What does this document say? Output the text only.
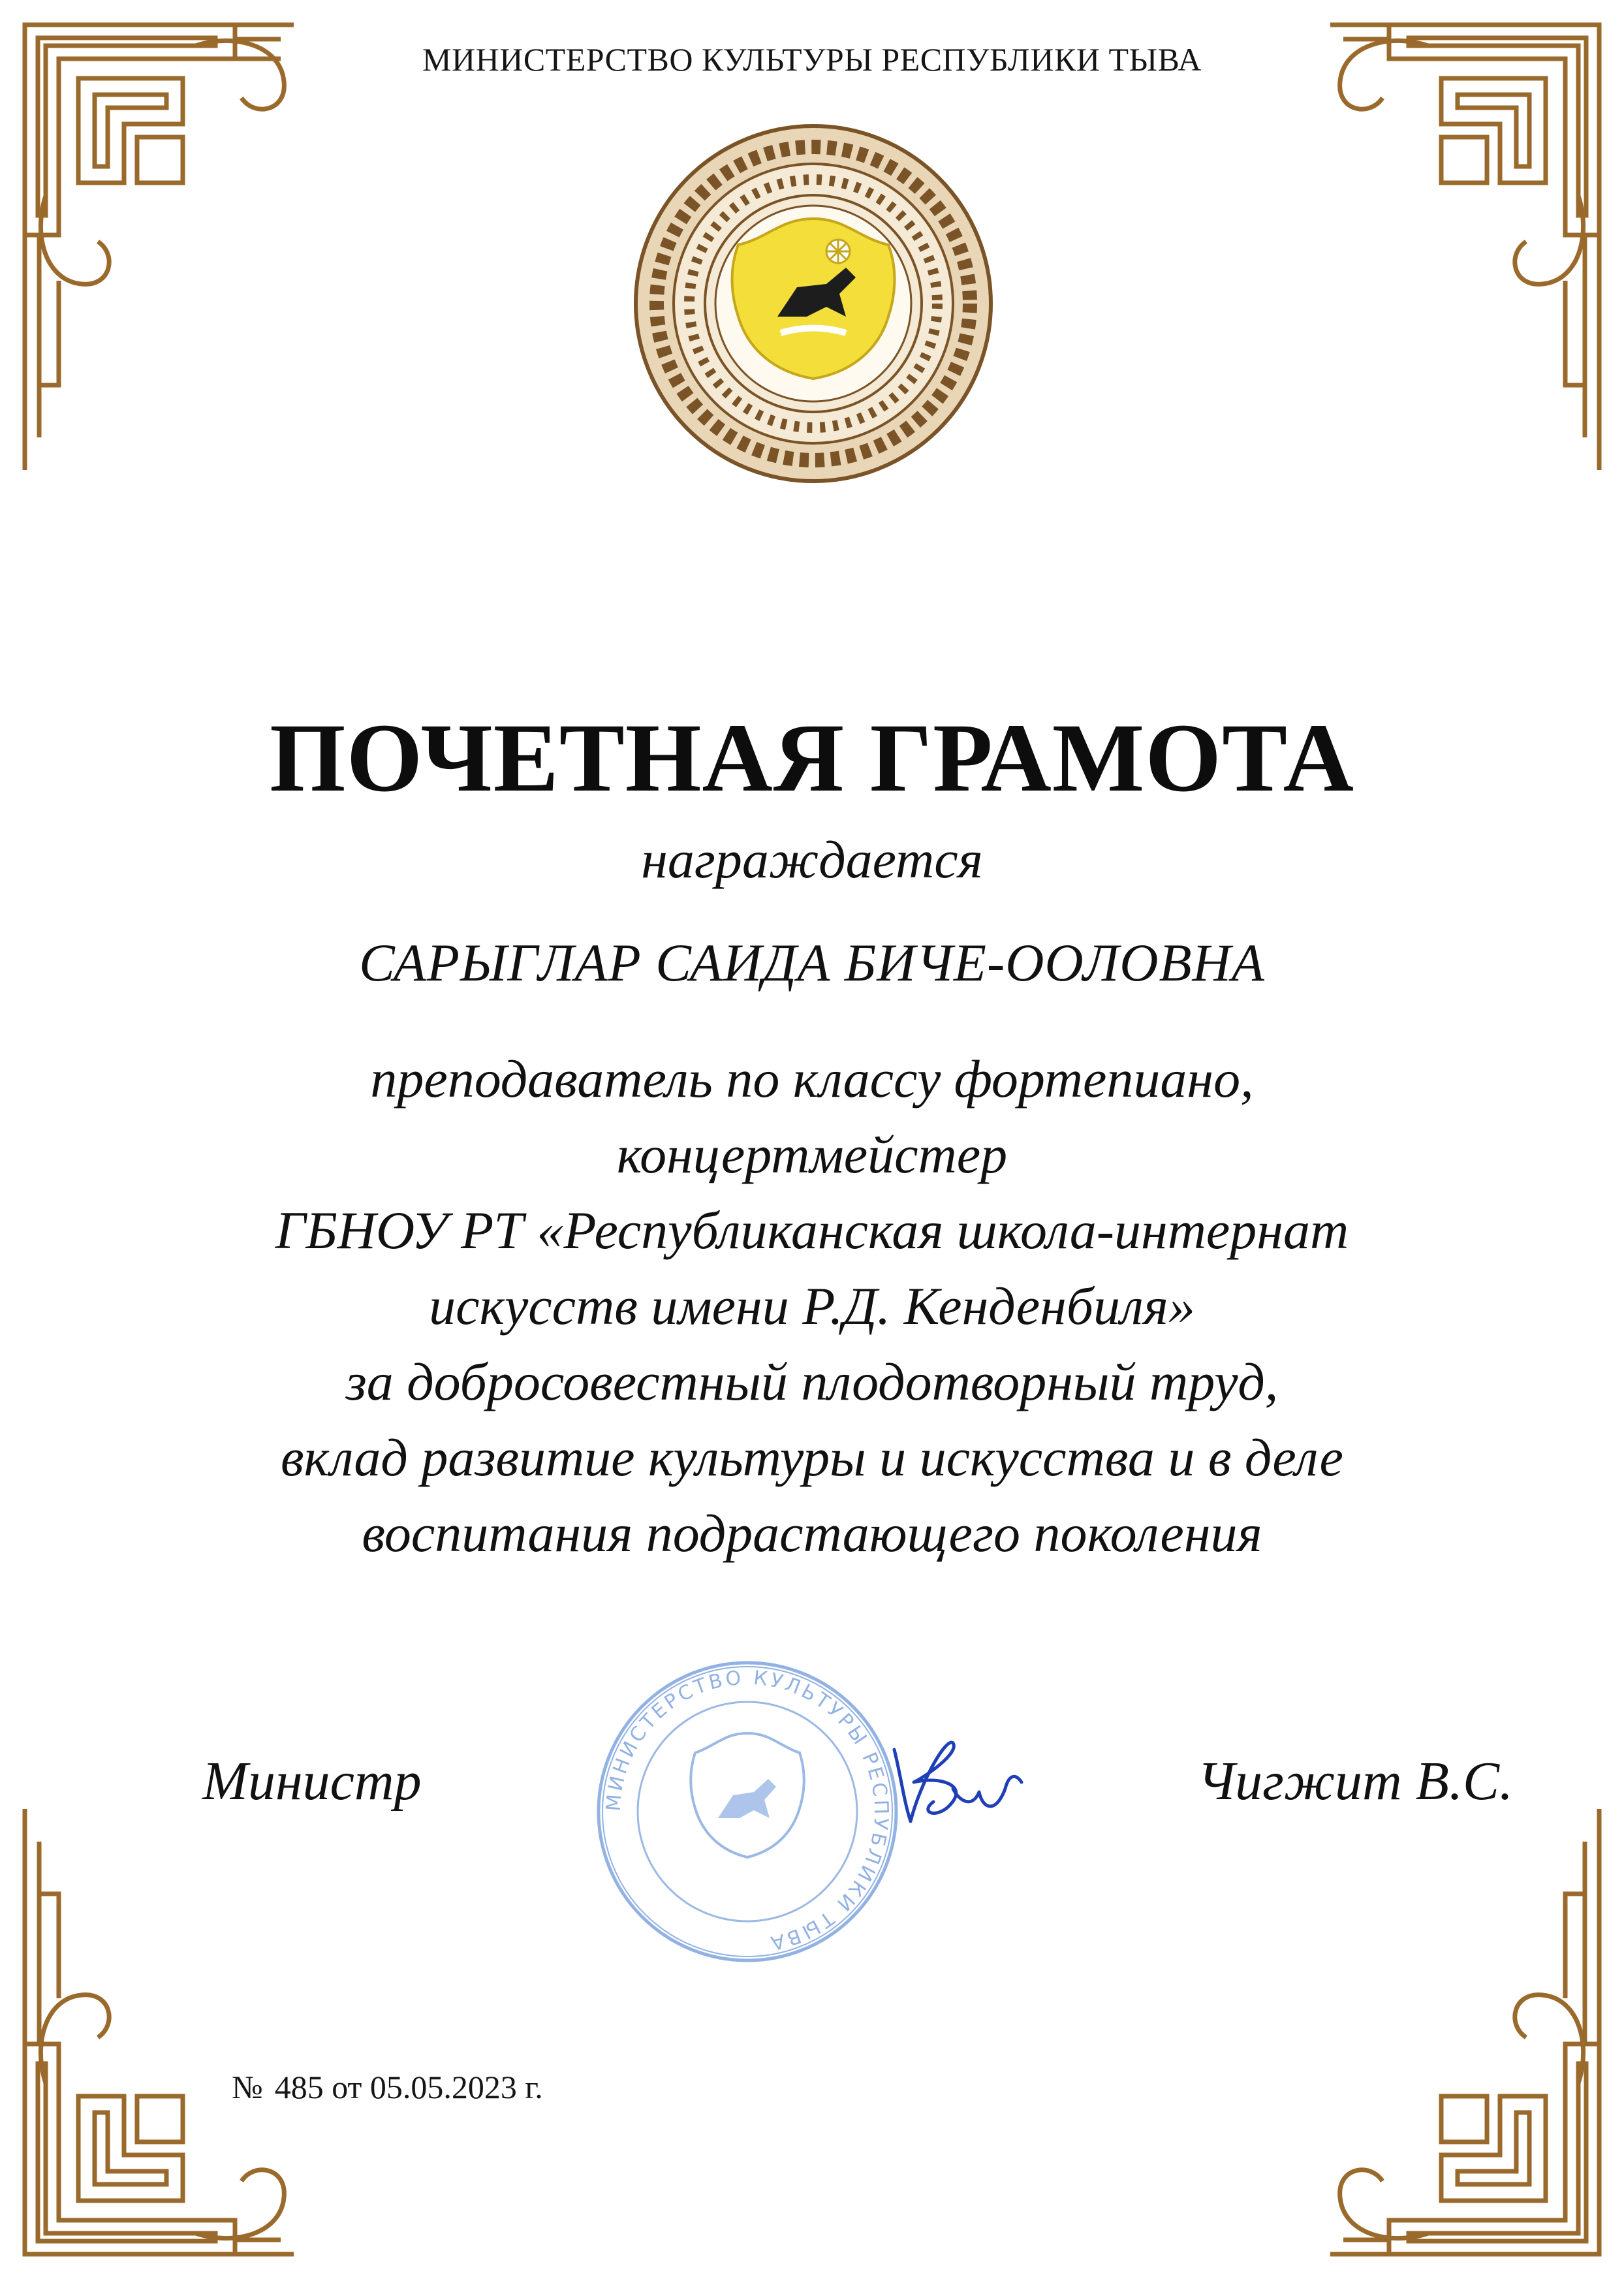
МИНИСТЕРСТВО КУЛЬТУРЫ РЕСПУБЛИКИ ТЫВА
ПОЧЕТНАЯ ГРАМОТА
награждается
САРЫГЛАР САИДА БИЧЕ-ООЛОВНА
преподаватель по классу фортепиано,
концертмейстер
ГБНОУ РТ «Республиканская школа-интернат
искусств имени Р.Д. Кенденбиля»
за добросовестный плодотворный труд,
вклад развитие культуры и искусства и в деле
воспитания подрастающего поколения
Министр	МИНИСТЕРСТВО КУЛЬТУРЫ РЕСПУБЛИКИ ТЫВА
Чигжит В.С.
№ 485 от 05.05.2023 г.
